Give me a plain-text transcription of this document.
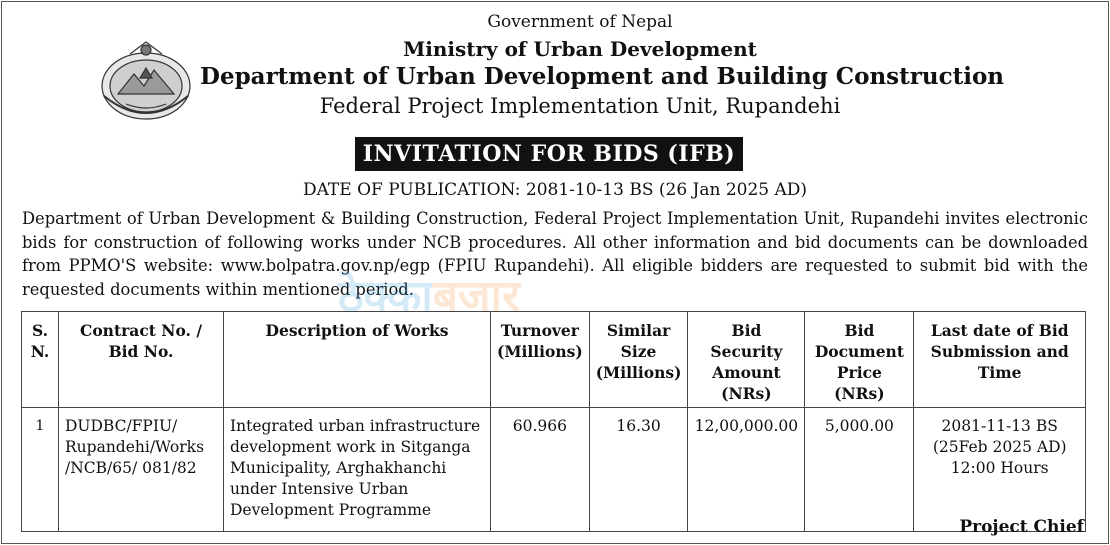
Government of Nepal
Ministry of Urban Development
Department of Urban Development and Building Construction
Federal Project Implementation Unit, Rupandehi
INVITATION FOR BIDS (IFB)
DATE OF PUBLICATION: 2081-10-13 BS (26 Jan 2025 AD)
Department of Urban Development & Building Construction, Federal Project Implementation Unit, Rupandehi invites electronic bids for construction of following works under NCB procedures. All other information and bid documents can be downloaded from PPMO'S website: www.bolpatra.gov.np/egp (FPIU Rupandehi). All eligible bidders are requested to submit bid with the requested documents within mentioned period.
ठेक्काबजार
S. N.	Contract No. / Bid No.	Description of Works	Turnover (Millions)	Similar Size (Millions)	Bid Security Amount (NRs)	Bid Document Price (NRs)	Last date of Bid Submission and Time
1	DUDBC/FPIU/ Rupandehi/Works /NCB/65/ 081/82	Integrated urban infrastructure development work in Sitganga Municipality, Arghakhanchi under Intensive Urban Development Programme	60.966	16.30	12,00,000.00	5,000.00	2081-11-13 BS (25Feb 2025 AD) 12:00 Hours
Project Chief
